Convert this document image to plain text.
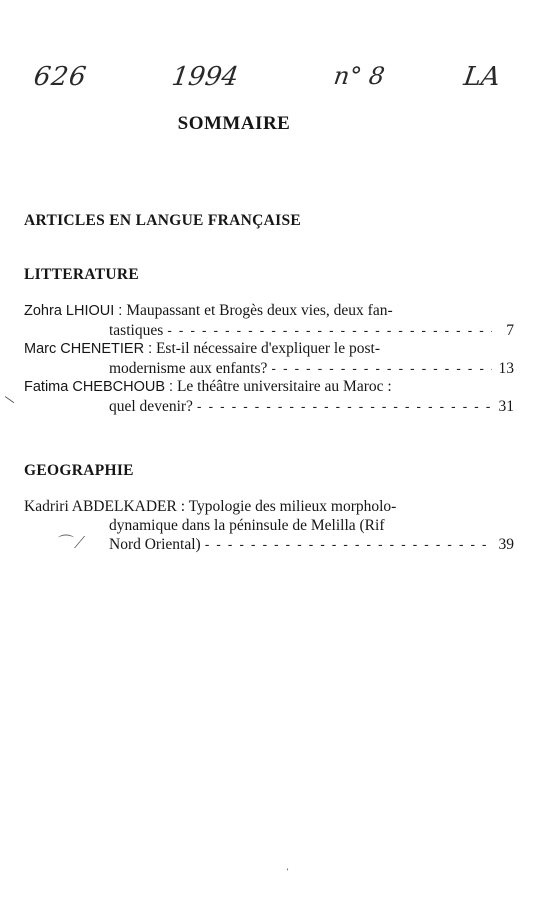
626	1994	n° 8	LA
SOMMAIRE
ARTICLES EN LANGUE FRANÇAISE
LITTERATURE
Zohra LHIOUI : Maupassant et Brogès deux vies, deux fan-
tastiques - - -	7
Marc CHENETIER : Est-il nécessaire d'expliquer le post-
modernisme aux enfants? - - -	13
Fatima CHEBCHOUB : Le théâtre universitaire au Maroc :
quel devenir? - - -	31
GEOGRAPHIE
Kadriri ABDELKADER : Typologie des milieux morpholo-
dynamique dans la péninsule de Melilla (Rif
Nord Oriental) - - -	39
—
⌒⟋
ʼ
